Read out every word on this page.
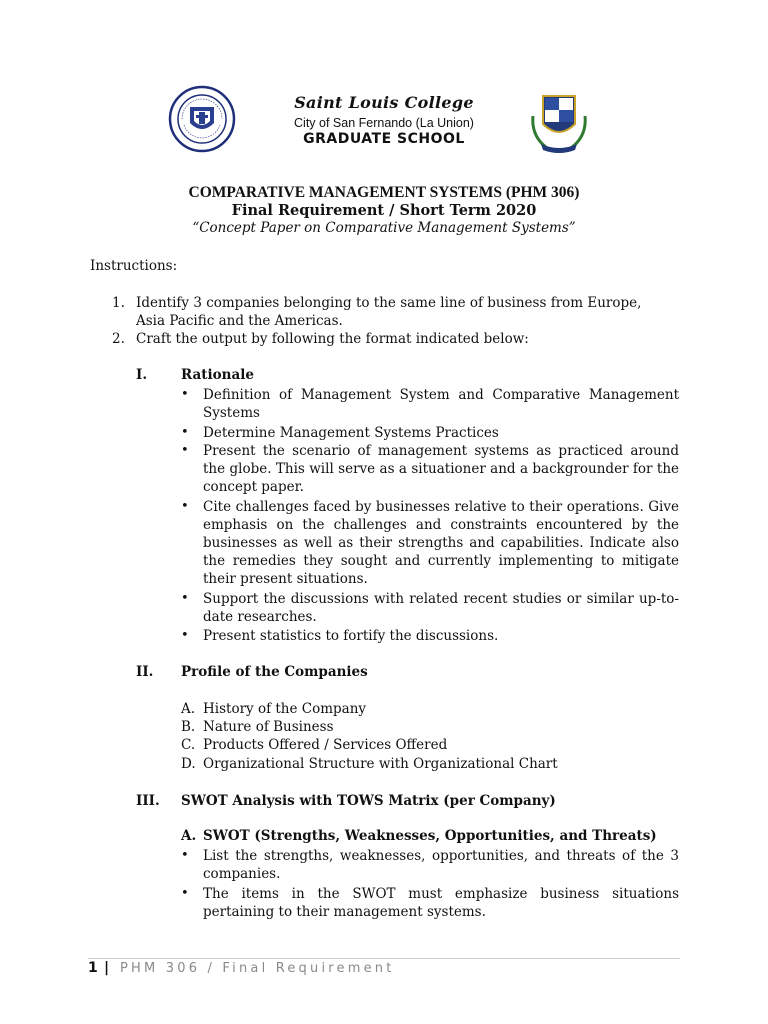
Saint Louis College
City of San Fernando (La Union)
GRADUATE SCHOOL
COMPARATIVE MANAGEMENT SYSTEMS (PHM 306)
Final Requirement / Short Term 2020
“Concept Paper on Comparative Management Systems”
Instructions:
1. Identify 3 companies belonging to the same line of business from Europe,
Asia Pacific and the Americas.
2. Craft the output by following the format indicated below:
I.	Rationale
• Definition of Management System and Comparative Management Systems
• Determine Management Systems Practices
• Present the scenario of management systems as practiced around the globe. This will serve as a situationer and a backgrounder for the concept paper.
• Cite challenges faced by businesses relative to their operations. Give emphasis on the challenges and constraints encountered by the businesses as well as their strengths and capabilities. Indicate also the remedies they sought and currently implementing to mitigate their present situations.
• Support the discussions with related recent studies or similar up-to-date researches.
• Present statistics to fortify the discussions.
II. Profile of the Companies
A. History of the Company
B. Nature of Business
C. Products Offered / Services Offered
D. Organizational Structure with Organizational Chart
III. SWOT Analysis with TOWS Matrix (per Company)
A. SWOT (Strengths, Weaknesses, Opportunities, and Threats)
• List the strengths, weaknesses, opportunities, and threats of the 3 companies.
• The items in the SWOT must emphasize business situations pertaining to their management systems.
1 | PHM 306 / Final Requirement
